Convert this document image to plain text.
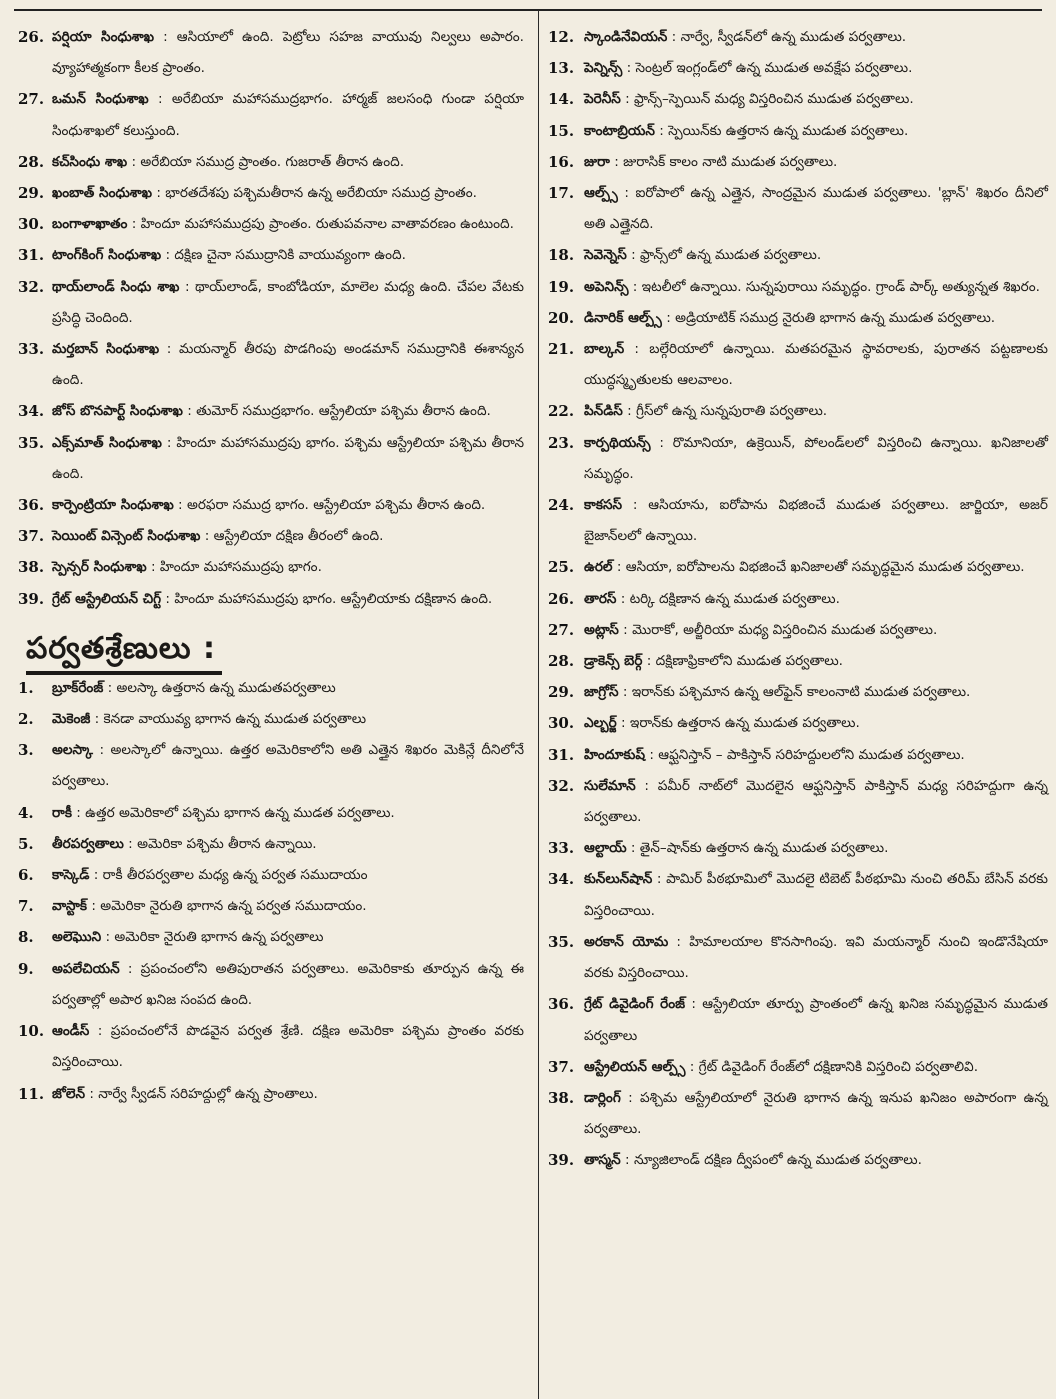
26. పర్షియా సింధుశాఖ : ఆసియాలో ఉంది. పెట్రోలు సహజ వాయువు నిల్వలు అపారం. వ్యూహాత్మకంగా కీలక ప్రాంతం.
27. ఒమన్ సింధుశాఖ : అరేబియా మహాసముద్రభాగం. హార్మజ్ జలసంధి గుండా పర్షియా సింధుశాఖలో కలుస్తుంది.
28. కచ్‌సింధు శాఖ : అరేబియా సముద్ర ప్రాంతం. గుజరాత్ తీరాన ఉంది.
29. ఖంబాత్ సింధుశాఖ : భారతదేశపు పశ్చిమతీరాన ఉన్న అరేబియా సముద్ర ప్రాంతం.
30. బంగాళాఖాతం : హిందూ మహాసముద్రపు ప్రాంతం. రుతుపవనాల వాతావరణం ఉంటుంది.
31. టాంగ్‌కింగ్ సింధుశాఖ : దక్షిణ చైనా సముద్రానికి వాయువ్యంగా ఉంది.
32. థాయ్‌లాండ్ సింధు శాఖ : థాయ్‌లాండ్, కాంబోడియా, మాలెల మధ్య ఉంది. చేపల వేటకు ప్రసిద్ధి చెందింది.
33. మర్తబాన్ సింధుశాఖ : మయన్మార్ తీరపు పొడగింపు అండమాన్ సముద్రానికి ఈశాన్యన ఉంది.
34. జోస్ బొనపార్ట్ సింధుశాఖ : తుమోర్ సముద్రభాగం. ఆస్ట్రేలియా పశ్చిమ తీరాన ఉంది.
35. ఎక్స్‌మాత్ సింధుశాఖ : హిందూ మహాసముద్రపు భాగం. పశ్చిమ ఆస్ట్రేలియా పశ్చిమ తీరాన ఉంది.
36. కార్పెంట్రియా సింధుశాఖ : అరఫరా సముద్ర భాగం. ఆస్ట్రేలియా పశ్చిమ తీరాన ఉంది.
37. సెయింట్ విన్సెంట్ సింధుశాఖ : ఆస్ట్రేలియా దక్షిణ తీరంలో ఉంది.
38. స్పెన్సర్ సింధుశాఖ : హిందూ మహాసముద్రపు భాగం.
39. గ్రేట్ ఆస్ట్రేలియన్ చిగ్ట్ : హిందూ మహాసముద్రపు భాగం. ఆస్ట్రేలియాకు దక్షిణాన ఉంది.
పర్వతశ్రేణులు :
1.	బ్రూక్‌రేంజ్ : అలస్కా ఉత్తరాన ఉన్న ముడుతపర్వతాలు
2.	మెకెంజీ : కెనడా వాయువ్య భాగాన ఉన్న ముడుత పర్వతాలు
3.	అలస్కా : అలస్కాలో ఉన్నాయి. ఉత్తర అమెరికాలోని అతి ఎత్తైన శిఖరం మెకిన్లే దీనిలోనే పర్వతాలు.
4.	రాకీ : ఉత్తర అమెరికాలో పశ్చిమ భాగాన ఉన్న ముడత పర్వతాలు.
5.	తీరపర్వతాలు : అమెరికా పశ్చిమ తీరాన ఉన్నాయి.
6.	కాస్కెడ్ : రాకీ తీరపర్వతాల మధ్య ఉన్న పర్వత సముదాయం
7.	వాస్టాక్ : అమెరికా నైరుతి భాగాన ఉన్న పర్వత సముదాయం.
8.	అలెఘొని : అమెరికా నైరుతి భాగాన ఉన్న పర్వతాలు
9.	అపలేచియన్ : ప్రపంచంలోని అతిపురాతన పర్వతాలు. అమెరికాకు తూర్పున ఉన్న ఈ పర్వతాల్లో అపార ఖనిజ సంపద ఉంది.
10. ఆండీస్ : ప్రపంచంలోనే పొడవైన పర్వత శ్రేణి. దక్షిణ అమెరికా పశ్చిమ ప్రాంతం వరకు విస్తరించాయి.
11. జోలెన్ : నార్వే స్వీడన్ సరిహద్దుల్లో ఉన్న ప్రాంతాలు.
12. స్కాండినేవియన్ : నార్వే, స్వీడన్‌లో ఉన్న ముడుత పర్వతాలు.
13. పెన్నిన్స్ : సెంట్రల్ ఇంగ్లండ్‌లో ఉన్న ముడుత అవక్షేప పర్వతాలు.
14. పెరెనీస్ : ఫ్రాన్స్–స్పెయిన్ మధ్య విస్తరించిన ముడుత పర్వతాలు.
15. కాంటాబ్రియన్ : స్పెయిన్‌కు ఉత్తరాన ఉన్న ముడుత పర్వతాలు.
16. జురా : జురాసిక్ కాలం నాటి ముడుత పర్వతాలు.
17. ఆల్ప్స్ : ఐరోపాలో ఉన్న ఎత్తైన, సాంద్రమైన ముడుత పర్వతాలు. 'బ్లాన్' శిఖరం దీనిలో అతి ఎత్తైనది.
18. సెవెన్నెస్ : ఫ్రాన్స్‌లో ఉన్న ముడుత పర్వతాలు.
19. అపెనిన్స్ : ఇటలీలో ఉన్నాయి. సున్నపురాయి సమృద్ధం. గ్రాండ్ పార్క్ అత్యున్నత శిఖరం.
20. డినారిక్ ఆల్ప్స్ : అడ్రియాటిక్ సముద్ర నైరుతి భాగాన ఉన్న ముడుత పర్వతాలు.
21. బాల్కన్ : బల్గేరియాలో ఉన్నాయి. మతపరమైన స్థావరాలకు, పురాతన పట్టణాలకు యుద్ధస్మృతులకు ఆలవాలం.
22. పిన్‌డిస్ : గ్రీస్‌లో ఉన్న సున్నపురాతి పర్వతాలు.
23. కార్పథియన్స్ : రొమానియా, ఉక్రెయిన్, పోలండ్‌లలో విస్తరించి ఉన్నాయి. ఖనిజాలతో సమృద్ధం.
24. కాకసస్ : ఆసియాను, ఐరోపాను విభజించే ముడుత పర్వతాలు. జార్జియా, అజర్ బైజాన్‌లలో ఉన్నాయి.
25. ఉరల్ : ఆసియా, ఐరోపాలను విభజించే ఖనిజాలతో సమృద్ధమైన ముడుత పర్వతాలు.
26. తారస్ : టర్కి దక్షిణాన ఉన్న ముడుత పర్వతాలు.
27. అట్లాస్ : మొరాకో, అల్జీరియా మధ్య విస్తరించిన ముడుత పర్వతాలు.
28. డ్రాకెన్స్ బెర్గ్ : దక్షిణాఫ్రికాలోని ముడుత పర్వతాలు.
29. జాగ్రోస్ : ఇరాన్‌కు పశ్చిమాన ఉన్న ఆల్‌ఫైన్ కాలంనాటి ముడుత పర్వతాలు.
30. ఎల్బర్జ్ : ఇరాన్‌కు ఉత్తరాన ఉన్న ముడుత పర్వతాలు.
31. హిందూకుష్ : ఆఫ్ఘనిస్తాన్ – పాకిస్తాన్ సరిహద్దులలోని ముడుత పర్వతాలు.
32. సులేమాన్ : పమీర్ నాట్‌లో మొదలైన ఆఫ్ఘనిస్తాన్ పాకిస్తాన్ మధ్య సరిహద్దుగా ఉన్న పర్వతాలు.
33. ఆల్టాయ్ : తైన్–షాన్‌కు ఉత్తరాన ఉన్న ముడుత పర్వతాలు.
34. కున్‌లున్‌షాన్ : పామిర్ పీఠభూమిలో మొదలై టిబెట్ పీఠభూమి నుంచి తరిమ్ బేసిన్ వరకు విస్తరించాయి.
35. అరకాన్ యోమ : హిమాలయాల కొనసాగింపు. ఇవి మయన్మార్ నుంచి ఇండొనేషియా వరకు విస్తరించాయి.
36. గ్రేట్ డివైడింగ్ రేంజ్ : ఆస్ట్రేలియా తూర్పు ప్రాంతంలో ఉన్న ఖనిజ సమృద్ధమైన ముడుత పర్వతాలు
37. ఆస్ట్రేలియన్ ఆల్ప్స్ : గ్రేట్ డివైడింగ్ రేంజ్‌లో దక్షిణానికి విస్తరించి పర్వతాలివి.
38. డార్లింగ్ : పశ్చిమ ఆస్ట్రేలియాలో నైరుతి భాగాన ఉన్న ఇనుప ఖనిజం అపారంగా ఉన్న పర్వతాలు.
39. తాస్మన్ : న్యూజిలాండ్ దక్షిణ ద్వీపంలో ఉన్న ముడుత పర్వతాలు.
